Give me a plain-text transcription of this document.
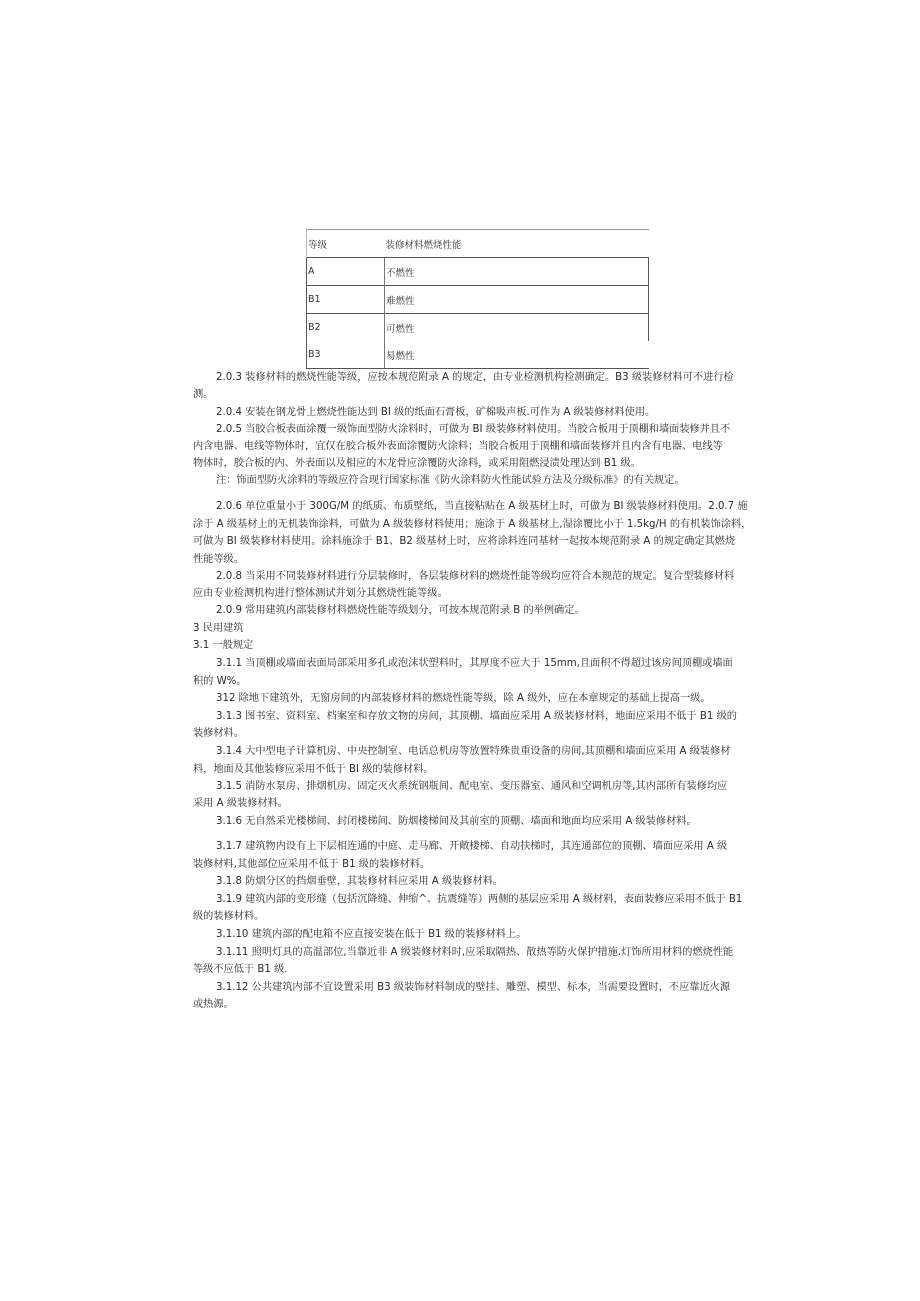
等级	装修材料燃烧性能
A	不燃性
B1	难燃性
B2	可燃性
B3	易燃性
2.0.3 装修材料的燃烧性能等级，应按本规范附录 A 的规定，由专业检测机构检测确定。B3 级装修材料可不进行检
测。
2.0.4 安装在钢龙骨上燃烧性能达到 BI 级的纸面石膏板，矿棉吸声板.可作为 A 级装修材料使用。
2.0.5 当胶合板表面涂覆一级饰面型防火涂料时，可做为 BI 级装修材料使用。当胶合板用于顶棚和墙面装修并且不
内含电器、电线等物体时，宜仅在胶合板外表面涂覆防火涂料；当胶合板用于顶棚和墙面装修并且内含有电器、电线等
物体时，胶合板的内、外表面以及相应的木龙骨应涂覆防火涂料，或采用阻燃浸渍处理达到 B1 级。
注：饰面型防火涂料的等级应符合现行国家标准《防火涂料防火性能试验方法及分级标准》的有关规定。
2.0.6 单位重量小于 300G/M 的纸质、布质壁纸，当直接粘贴在 A 级基材上时，可做为 BI 级装修材料使用。2.0.7 施
涂于 A 级基材上的无机装饰涂料，可做为 A 级装修材料使用；施涂于 A 级基材上,湿涂覆比小于 1.5kg/H 的有机装饰涂料，
可做为 BI 级装修材料使用。涂料施涂于 B1、B2 级基材上时，应将涂料连同基材一起按本规范附录 A 的规定确定其燃烧
性能等级。
2.0.8 当采用不同装修材料进行分层装修时，各层装修材料的燃烧性能等级均应符合本规范的规定。复合型装修材料
应由专业检测机构进行整体测试并划分其燃烧性能等级。
2.0.9 常用建筑内部装修材料燃烧性能等级划分，可按本规范附录 B 的举例确定。
3 民用建筑
3.1 一般规定
3.1.1 当顶棚或墙面表面局部采用多孔或泡沫状塑料时，其厚度不应大于 15mm,且面积不得超过该房间顶棚或墙面
积的 W%。
312 除地下建筑外，无窗房间的内部装修材料的燃烧性能等级，除 A 级外，应在本章规定的基础上提高一级。
3.1.3 图书室、资料室、档案室和存放文物的房间，其顶棚、墙面应采用 A 级装修材料，地面应采用不低于 B1 级的
装修材料。
3.1.4 大中型电子计算机房、中央控制室、电话总机房等放置特殊贵重设备的房间,其顶棚和墙面应采用 A 级装修材
料，地面及其他装修应采用不低于 BI 级的装修材料。
3.1.5 消防水泵房、排烟机房、固定灭火系统钢瓶间、配电室、变压器室、通风和空调机房等,其内部所有装修均应
采用 A 级装修材料。
3.1.6 无自然采光楼梯间、封闭楼梯间、防烟楼梯间及其前室的顶棚、墙面和地面均应采用 A 级装修材料。
3.1.7 建筑物内设有上下层相连通的中庭、走马廊、开敞楼梯、自动扶梯时，其连通部位的顶棚、墙面应采用 A 级
装修材料,其他部位应采用不低于 B1 级的装修材料。
3.1.8 防烟分区的挡烟垂壁，其装修材料应采用 A 级装修材料。
3.1.9 建筑内部的变形缝（包括沉降缝、伸缩^、抗震缝等）两侧的基层应采用 A 级材料，表面装修应采用不低于 B1
级的装修材料。
3.1.10 建筑内部的配电箱不应直接安装在低于 B1 级的装修材料上。
3.1.11 照明灯具的高温部位,当靠近非 A 级装修材料时,应采取隔热、散热等防火保护措施.灯饰所用材料的燃烧性能
等级不应低于 B1 级.
3.1.12 公共建筑内部不宜设置采用 B3 级装饰材料制成的壁挂、雕塑、模型、标本，当需要设置时，不应靠近火源
或热源。
